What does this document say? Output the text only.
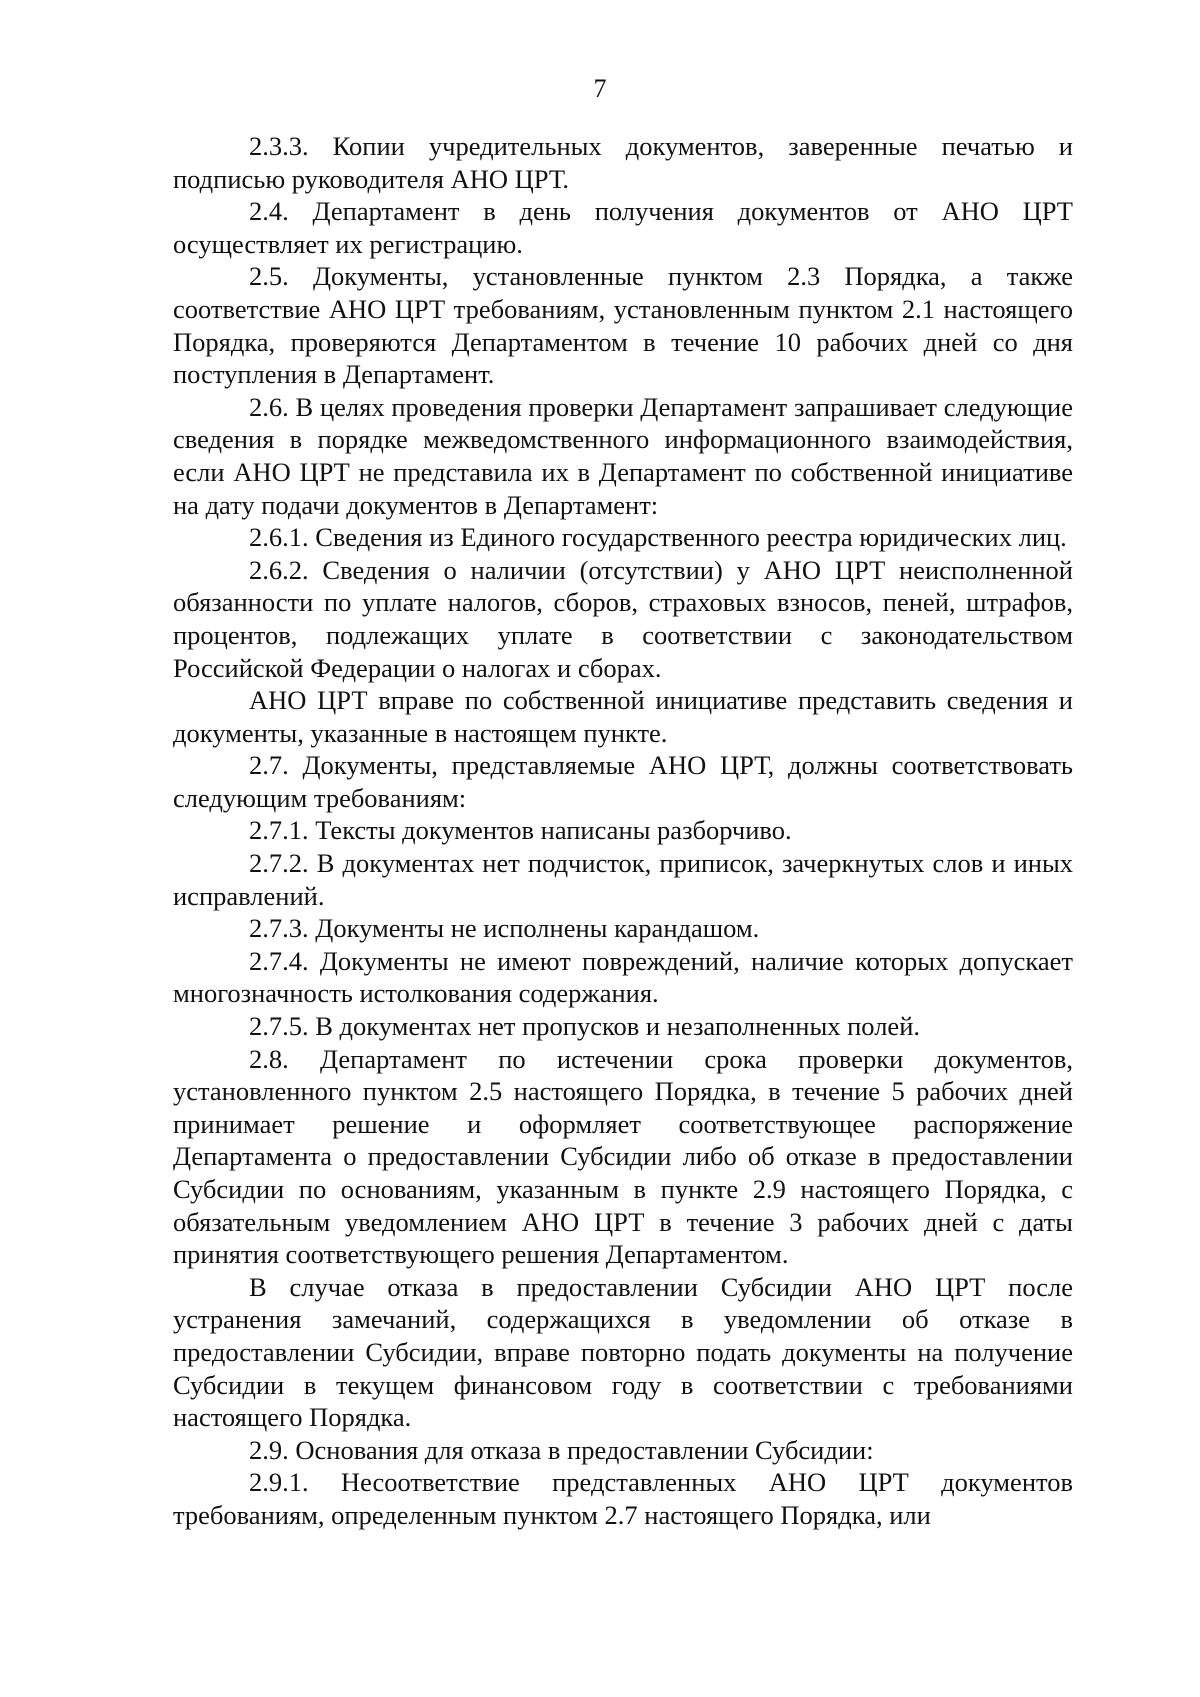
7

2.3.3. Копии учредительных документов, заверенные печатью и подписью руководителя АНО ЦРТ.

2.4. Департамент в день получения документов от АНО ЦРТ осуществляет их регистрацию.

2.5. Документы, установленные пунктом 2.3 Порядка, а также соответствие АНО ЦРТ требованиям, установленным пунктом 2.1 настоящего Порядка, проверяются Департаментом в течение 10 рабочих дней со дня поступления в Департамент.

2.6. В целях проведения проверки Департамент запрашивает следующие сведения в порядке межведомственного информационного взаимодействия, если АНО ЦРТ не представила их в Департамент по собственной инициативе на дату подачи документов в Департамент:

2.6.1. Сведения из Единого государственного реестра юридических лиц.

2.6.2. Сведения о наличии (отсутствии) у АНО ЦРТ неисполненной обязанности по уплате налогов, сборов, страховых взносов, пеней, штрафов, процентов, подлежащих уплате в соответствии с законодательством Российской Федерации о налогах и сборах.

АНО ЦРТ вправе по собственной инициативе представить сведения и документы, указанные в настоящем пункте.

2.7. Документы, представляемые АНО ЦРТ, должны соответствовать следующим требованиям:

2.7.1. Тексты документов написаны разборчиво.

2.7.2. В документах нет подчисток, приписок, зачеркнутых слов и иных исправлений.

2.7.3. Документы не исполнены карандашом.

2.7.4. Документы не имеют повреждений, наличие которых допускает многозначность истолкования содержания.

2.7.5. В документах нет пропусков и незаполненных полей.

2.8. Департамент по истечении срока проверки документов, установленного пунктом 2.5 настоящего Порядка, в течение 5 рабочих дней принимает решение и оформляет соответствующее распоряжение Департамента о предоставлении Субсидии либо об отказе в предоставлении Субсидии по основаниям, указанным в пункте 2.9 настоящего Порядка, с обязательным уведомлением АНО ЦРТ в течение 3 рабочих дней с даты принятия соответствующего решения Департаментом.

В случае отказа в предоставлении Субсидии АНО ЦРТ после устранения замечаний, содержащихся в уведомлении об отказе в предоставлении Субсидии, вправе повторно подать документы на получение Субсидии в текущем финансовом году в соответствии с требованиями настоящего Порядка.

2.9. Основания для отказа в предоставлении Субсидии:

2.9.1. Несоответствие представленных АНО ЦРТ документов требованиям, определенным пунктом 2.7 настоящего Порядка, или
